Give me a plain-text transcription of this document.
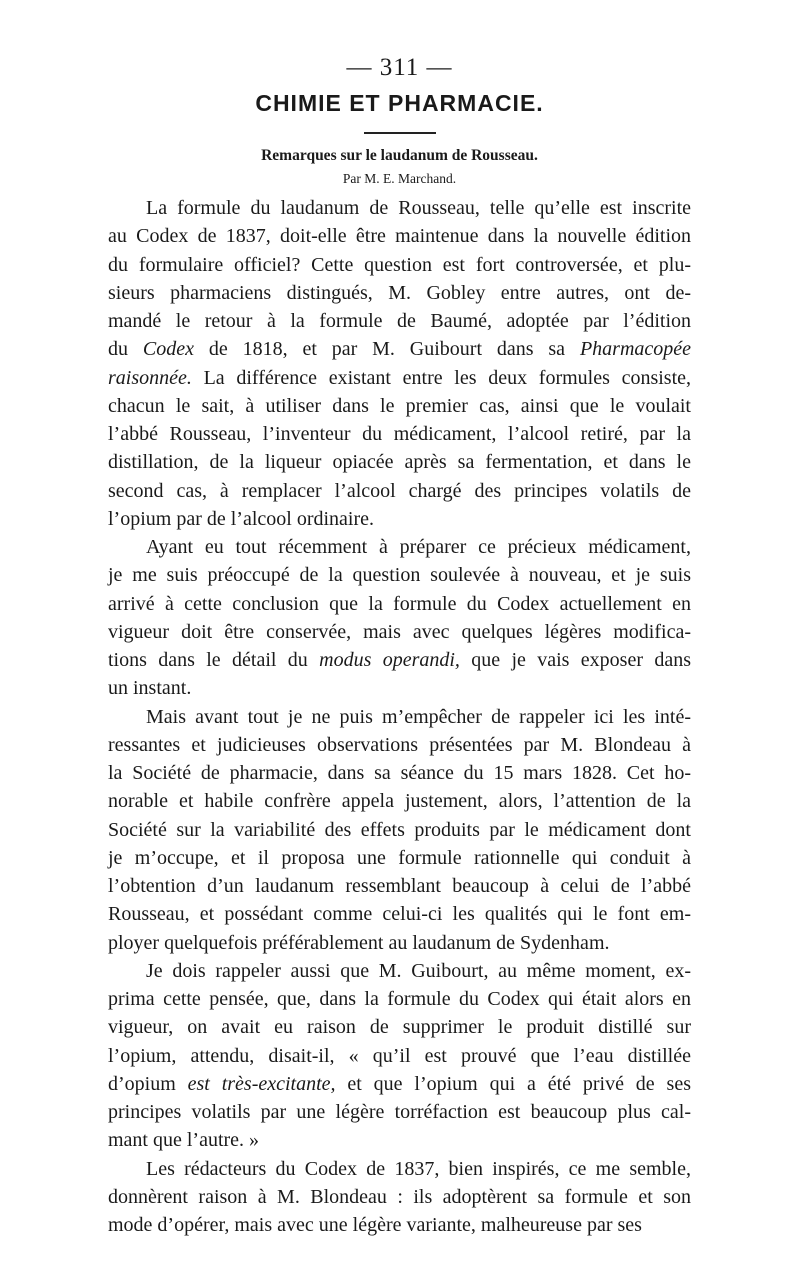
— 311 —
CHIMIE ET PHARMACIE.
Remarques sur le laudanum de Rousseau.
Par M. E. Marchand.

La formule du laudanum de Rousseau, telle qu’elle est inscrite
au Codex de 1837, doit-elle être maintenue dans la nouvelle édition
du formulaire officiel? Cette question est fort controversée, et plu-
sieurs pharmaciens distingués, M. Gobley entre autres, ont de-
mandé le retour à la formule de Baumé, adoptée par l’édition
du Codex de 1818, et par M. Guibourt dans sa Pharmacopée
raisonnée. La différence existant entre les deux formules consiste,
chacun le sait, à utiliser dans le premier cas, ainsi que le voulait
l’abbé Rousseau, l’inventeur du médicament, l’alcool retiré, par la
distillation, de la liqueur opiacée après sa fermentation, et dans le
second cas, à remplacer l’alcool chargé des principes volatils de
l’opium par de l’alcool ordinaire.

Ayant eu tout récemment à préparer ce précieux médicament,
je me suis préoccupé de la question soulevée à nouveau, et je suis
arrivé à cette conclusion que la formule du Codex actuellement en
vigueur doit être conservée, mais avec quelques légères modifica-
tions dans le détail du modus operandi, que je vais exposer dans
un instant.

Mais avant tout je ne puis m’empêcher de rappeler ici les inté-
ressantes et judicieuses observations présentées par M. Blondeau à
la Société de pharmacie, dans sa séance du 15 mars 1828. Cet ho-
norable et habile confrère appela justement, alors, l’attention de la
Société sur la variabilité des effets produits par le médicament dont
je m’occupe, et il proposa une formule rationnelle qui conduit à
l’obtention d’un laudanum ressemblant beaucoup à celui de l’abbé
Rousseau, et possédant comme celui-ci les qualités qui le font em-
ployer quelquefois préférablement au laudanum de Sydenham.

Je dois rappeler aussi que M. Guibourt, au même moment, ex-
prima cette pensée, que, dans la formule du Codex qui était alors en
vigueur, on avait eu raison de supprimer le produit distillé sur
l’opium, attendu, disait-il, « qu’il est prouvé que l’eau distillée
d’opium est très-excitante, et que l’opium qui a été privé de ses
principes volatils par une légère torréfaction est beaucoup plus cal-
mant que l’autre. »

Les rédacteurs du Codex de 1837, bien inspirés, ce me semble,
donnèrent raison à M. Blondeau : ils adoptèrent sa formule et son
mode d’opérer, mais avec une légère variante, malheureuse par ses
